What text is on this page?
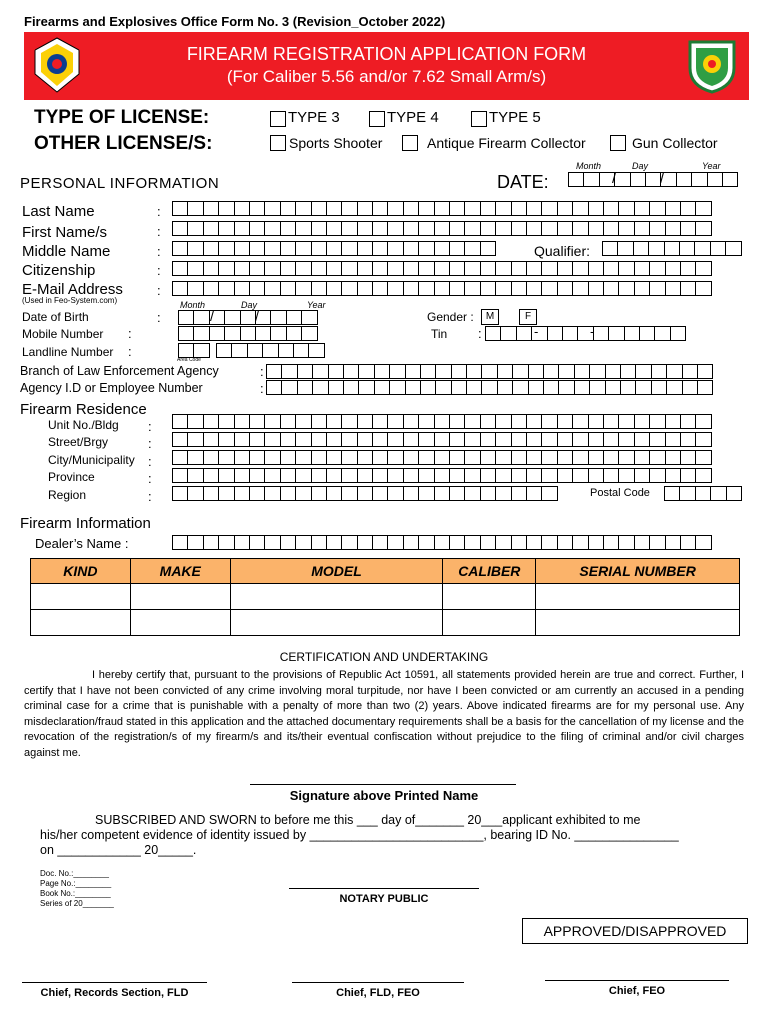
Firearms and Explosives Office Form No. 3 (Revision_October 2022)
FIREARM REGISTRATION APPLICATION FORM
(For Caliber 5.56 and/or 7.62 Small Arm/s)
TYPE OF LICENSE:
OTHER LICENSE/S:
TYPE 3	TYPE 4	TYPE 5
Sports Shooter	Antique Firearm Collector	Gun Collector
PERSONAL INFORMATION	DATE:
Month	Day	Year
/	/
Last Name
First Name/s
Middle Name
Citizenship
E-Mail Address
(Used in Feo-System.com)
:
:
:
:
:
Qualifier:
Month	Day	Year
Date of Birth	:	/	/
Mobile Number :
Landline Number :
Area Code
Gender :	M	F
Tin :	-	-
Branch of Law Enforcement Agency	:
Agency I.D or Employee Number	:
Firearm Residence
Unit No./Bldg
Street/Brgy
City/Municipality
Province
Region
:
:
:
:
:	Postal Code
Firearm Information
Dealer’s Name :
KIND	MAKE	MODEL	CALIBER	SERIAL NUMBER

CERTIFICATION AND UNDERTAKING
I hereby certify that, pursuant to the provisions of Republic Act 10591, all statements provided herein are true and correct. Further, I certify that I have not been convicted of any crime involving moral turpitude, nor have I been convicted or am currently an accused in a pending criminal case for a crime that is punishable with a penalty of more than two (2) years. Above indicated firearms are for my personal use. Any misdeclaration/fraud stated in this application and the attached documentary requirements shall be a basis for the cancellation of my license and the revocation of the registration/s of my firearm/s and its/their eventual confiscation without prejudice to the filing of criminal and/or civil charges against me.
Signature above Printed Name
SUBSCRIBED AND SWORN to before me this ___ day of_______ 20___applicant exhibited to me
his/her competent evidence of identity issued by _________________________, bearing ID No. _______________
on ____________ 20_____.
Doc. No.:________
Page No.:________
Book No.:________
Series of 20_______	NOTARY PUBLIC
APPROVED/DISAPPROVED
Chief, Records Section, FLD	Chief, FLD, FEO	Chief, FEO
